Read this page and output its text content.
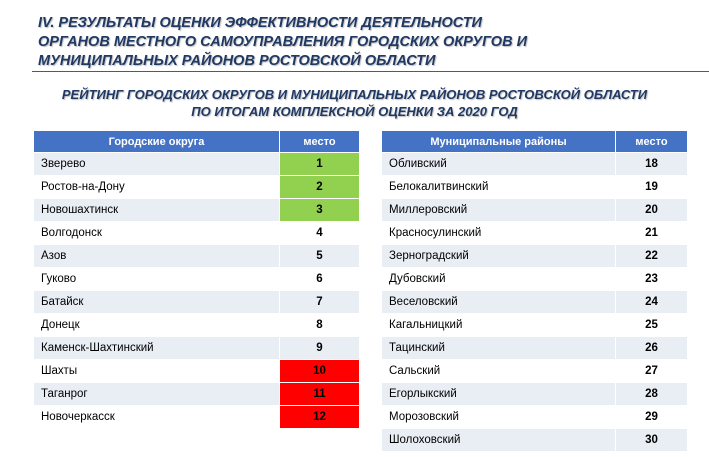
IV. РЕЗУЛЬТАТЫ ОЦЕНКИ ЭФФЕКТИВНОСТИ ДЕЯТЕЛЬНОСТИ
ОРГАНОВ МЕСТНОГО САМОУПРАВЛЕНИЯ ГОРОДСКИХ ОКРУГОВ И
МУНИЦИПАЛЬНЫХ РАЙОНОВ РОСТОВСКОЙ ОБЛАСТИ
РЕЙТИНГ ГОРОДСКИХ ОКРУГОВ И МУНИЦИПАЛЬНЫХ РАЙОНОВ РОСТОВСКОЙ ОБЛАСТИ
ПО ИТОГАМ КОМПЛЕКСНОЙ ОЦЕНКИ ЗА 2020 ГОД
Городские округа	место
Зверево	1
Ростов-на-Дону	2
Новошахтинск	3
Волгодонск	4
Азов	5
Гуково	6
Батайск	7
Донецк	8
Каменск-Шахтинский	9
Шахты	10
Таганрог	11
Новочеркасск	12
Муниципальные районы	место
Обливский	18
Белокалитвинский	19
Миллеровский	20
Красносулинский	21
Зерноградский	22
Дубовский	23
Веселовский	24
Кагальницкий	25
Тацинский	26
Сальский	27
Егорлыкский	28
Морозовский	29
Шолоховский	30
